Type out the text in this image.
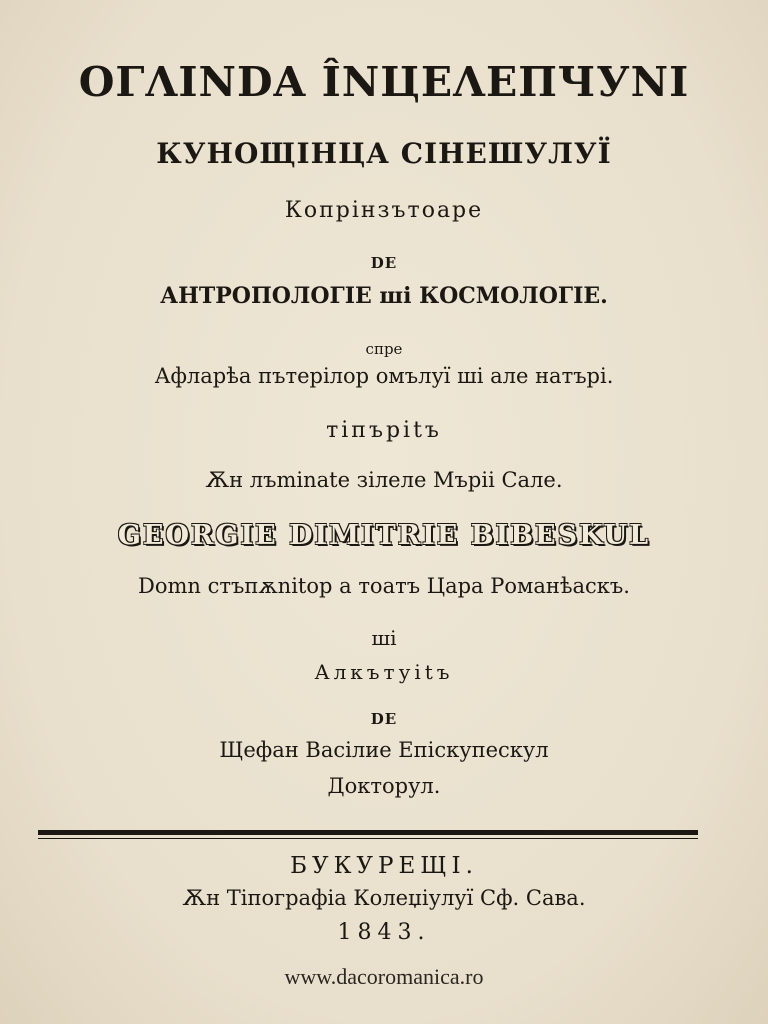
ΟΓΛΙΝDA ÎΝЦΕΛΕΠЧУΝΙ
КУНОЩІНЦА СІНЕШУЛУЇ
Копрінзътоаре
DE
АНТРОПОЛОГІЕ ші КОСМОЛОГІЕ.
спре
Афларѣа пътерілор омълуї ші але натърі.
тіпъріtъ
Ѫн лъminate зілеле Мъріі Сале.
GEORGIE DIMITRIE BIBESKUL
Domn стъпѫnitор а тоатъ Цара Романѣаскъ.
ші
Алкътуіtъ
DE
Щефан Васілие Епіскупескул
Докторул.
БУКУРЕЩІ.
Ѫн Тіпографіа Колеџіулуї Сф. Сава.
1843.
www.dacoromanica.ro
